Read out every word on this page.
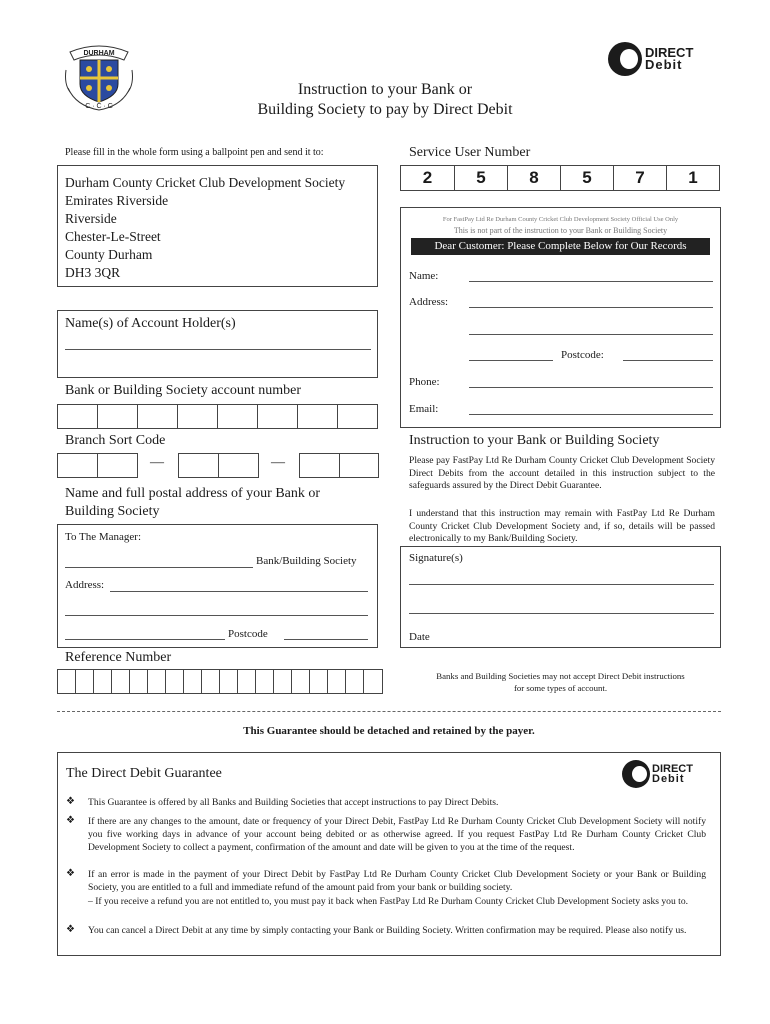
DURHAM
C · C · C
Instruction to your Bank or
Building Society to pay by Direct Debit
DIRECT
Debit
Please fill in the whole form using a ballpoint pen and send it to:
Durham County Cricket Club Development Society
Emirates Riverside
Riverside
Chester-Le-Street
County Durham
DH3 3QR
Name(s) of Account Holder(s)
Bank or Building Society account number
Branch Sort Code
—	—
Name and full postal address of your Bank or
Building Society
To The Manager:
Bank/Building Society
Address:
Postcode
Reference Number
Service User Number
2	5	8	5	7	1
For FastPay Ltd Re Durham County Cricket Club Development Society Official Use Only
This is not part of the instruction to your Bank or Building Society
Dear Customer: Please Complete Below for Our Records
Name:
Address:
Postcode:
Phone:
Email:
Instruction to your Bank or Building Society
Please pay FastPay Ltd Re Durham County Cricket Club Development Society Direct Debits from the account detailed in this instruction subject to the safeguards assured by the Direct Debit Guarantee.
I understand that this instruction may remain with FastPay Ltd Re Durham County Cricket Club Development Society and, if so, details will be passed electronically to my Bank/Building Society.
Signature(s)
Date
Banks and Building Societies may not accept Direct Debit instructions
for some types of account.
This Guarantee should be detached and retained by the payer.
The Direct Debit Guarantee	DIRECT
Debit
❖ This Guarantee is offered by all Banks and Building Societies that accept instructions to pay Direct Debits.
❖ If there are any changes to the amount, date or frequency of your Direct Debit, FastPay Ltd Re Durham County Cricket Club Development Society will notify you five working days in advance of your account being debited or as otherwise agreed. If you request FastPay Ltd Re Durham County Cricket Club Development Society to collect a payment, confirmation of the amount and date will be given to you at the time of the request.
❖ If an error is made in the payment of your Direct Debit by FastPay Ltd Re Durham County Cricket Club Development Society or your Bank or Building Society, you are entitled to a full and immediate refund of the amount paid from your bank or building society.
– If you receive a refund you are not entitled to, you must pay it back when FastPay Ltd Re Durham County Cricket Club Development Society asks you to.
❖ You can cancel a Direct Debit at any time by simply contacting your Bank or Building Society. Written confirmation may be required. Please also notify us.
